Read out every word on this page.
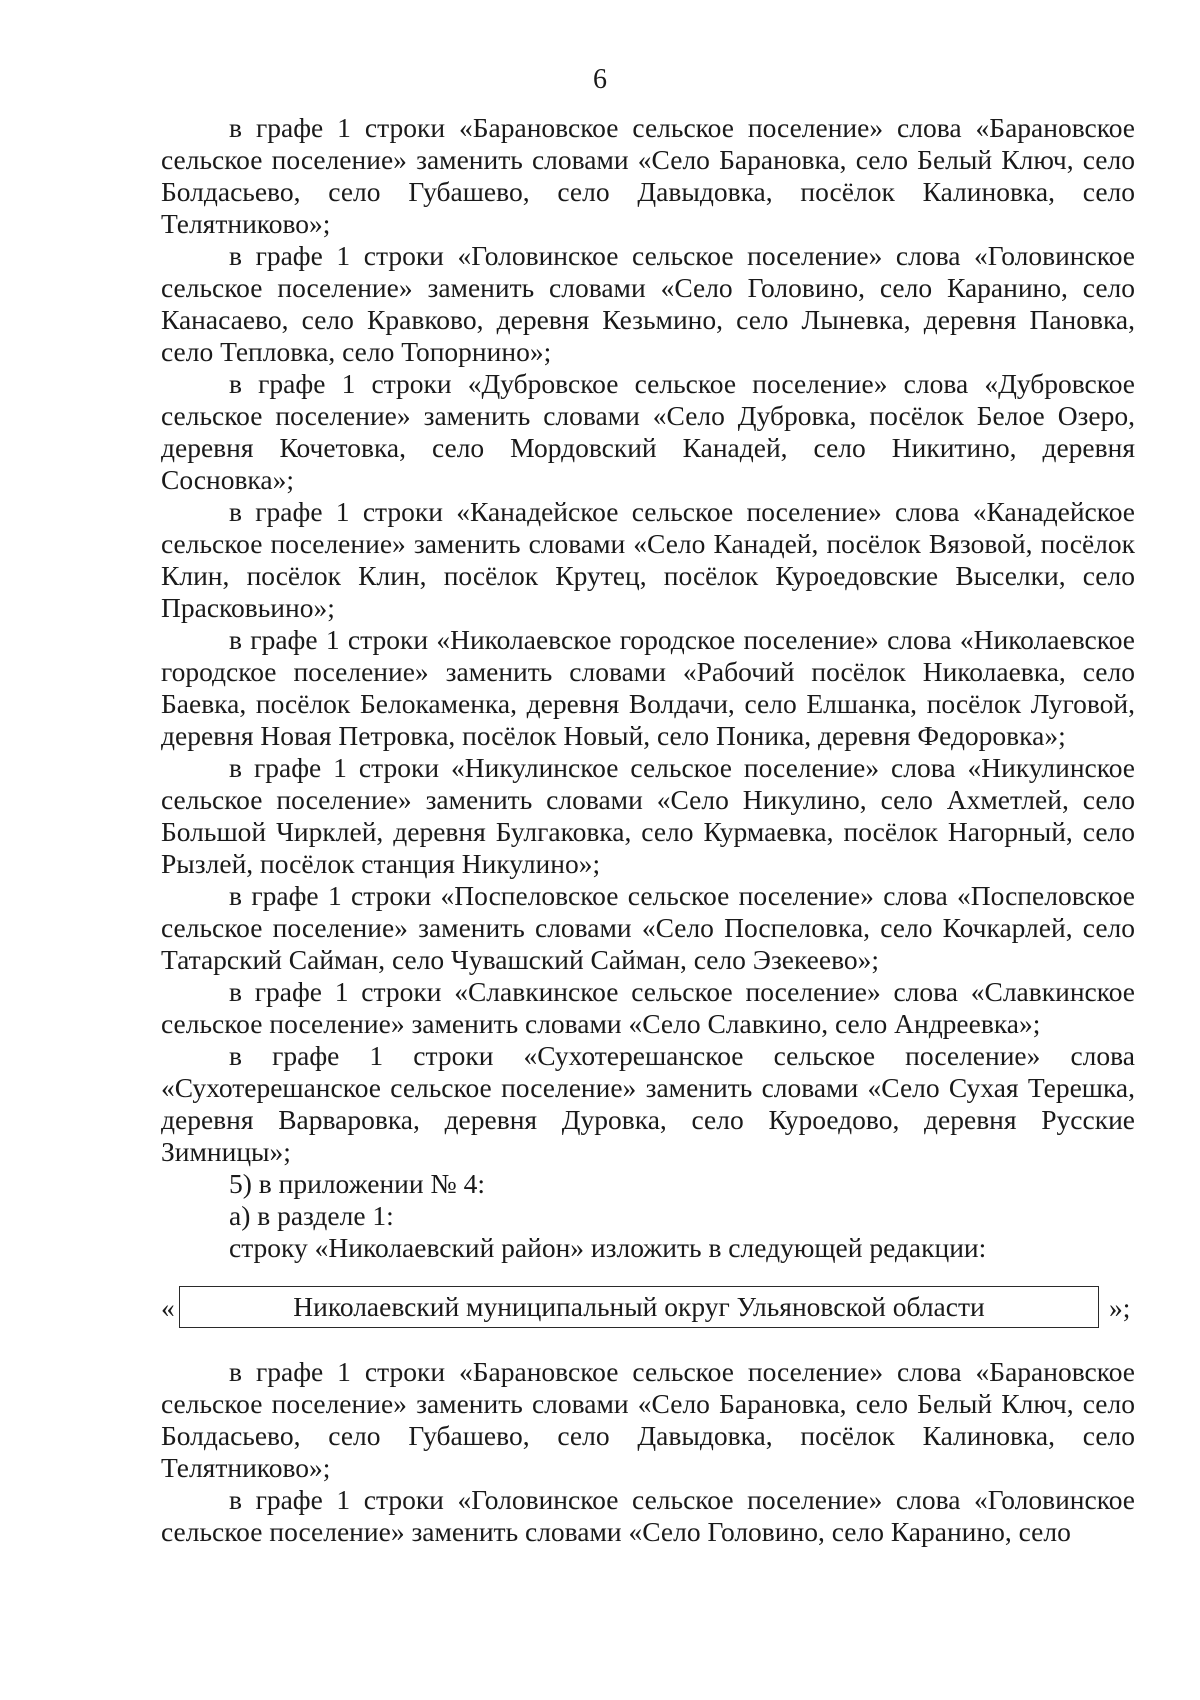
6

в графе 1 строки «Барановское сельское поселение» слова «Барановское сельское поселение» заменить словами «Село Барановка, село Белый Ключ, село Болдасьево, село Губашево, село Давыдовка, посёлок Калиновка, село Телятниково»;

в графе 1 строки «Головинское сельское поселение» слова «Головинское сельское поселение» заменить словами «Село Головино, село Каранино, село Канасаево, село Кравково, деревня Кезьмино, село Лыневка, деревня Пановка, село Тепловка, село Топорнино»;

в графе 1 строки «Дубровское сельское поселение» слова «Дубровское сельское поселение» заменить словами «Село Дубровка, посёлок Белое Озеро, деревня Кочетовка, село Мордовский Канадей, село Никитино, деревня Сосновка»;

в графе 1 строки «Канадейское сельское поселение» слова «Канадейское сельское поселение» заменить словами «Село Канадей, посёлок Вязовой, посёлок Клин, посёлок Клин, посёлок Крутец, посёлок Куроедовские Выселки, село Прасковьино»;

в графе 1 строки «Николаевское городское поселение» слова «Николаевское городское поселение» заменить словами «Рабочий посёлок Николаевка, село Баевка, посёлок Белокаменка, деревня Волдачи, село Елшанка, посёлок Луговой, деревня Новая Петровка, посёлок Новый, село Поника, деревня Федоровка»;

в графе 1 строки «Никулинское сельское поселение» слова «Никулинское сельское поселение» заменить словами «Село Никулино, село Ахметлей, село Большой Чирклей, деревня Булгаковка, село Курмаевка, посёлок Нагорный, село Рызлей, посёлок станция Никулино»;

в графе 1 строки «Поспеловское сельское поселение» слова «Поспеловское сельское поселение» заменить словами «Село Поспеловка, село Кочкарлей, село Татарский Сайман, село Чувашский Сайман, село Эзекеево»;

в графе 1 строки «Славкинское сельское поселение» слова «Славкинское сельское поселение» заменить словами «Село Славкино, село Андреевка»;

в графе 1 строки «Сухотерешанское сельское поселение» слова «Сухотерешанское сельское поселение» заменить словами «Село Сухая Терешка, деревня Варваровка, деревня Дуровка, село Куроедово, деревня Русские Зимницы»;

5) в приложении № 4:

а) в разделе 1:

строку «Николаевский район» изложить в следующей редакции:

«	Николаевский муниципальный округ Ульяновской области	»;

в графе 1 строки «Барановское сельское поселение» слова «Барановское сельское поселение» заменить словами «Село Барановка, село Белый Ключ, село Болдасьево, село Губашево, село Давыдовка, посёлок Калиновка, село Телятниково»;

в графе 1 строки «Головинское сельское поселение» слова «Головинское сельское поселение» заменить словами «Село Головино, село Каранино, село
